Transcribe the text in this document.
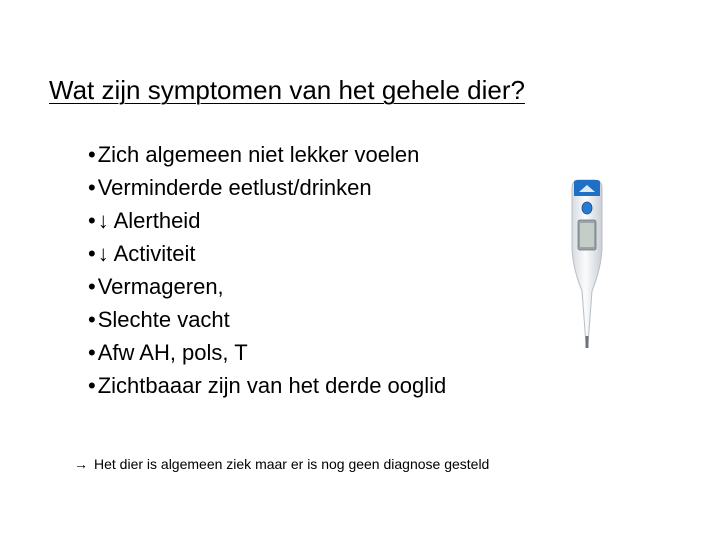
Wat zijn symptomen van het gehele dier?
•Zich algemeen niet lekker voelen
•Verminderde eetlust/drinken
•↓ Alertheid
•↓ Activiteit
•Vermageren,
•Slechte vacht
•Afw AH, pols, T
•Zichtbaaar zijn van het derde ooglid
→ Het dier is algemeen ziek maar er is nog geen diagnose gesteld
